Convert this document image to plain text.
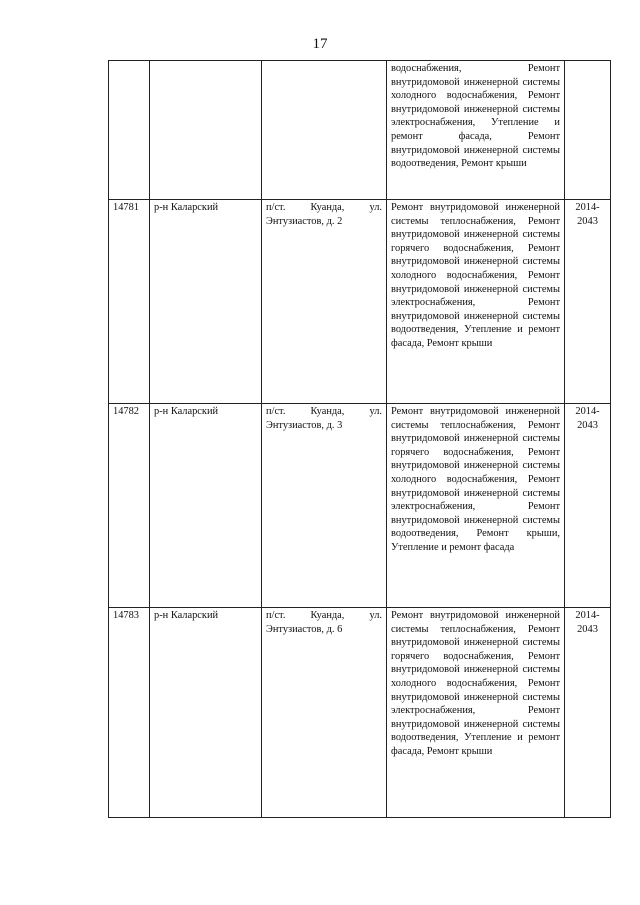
17

			водоснабжения, Ремонт внутридомовой инженерной системы холодного водоснабжения, Ремонт внутридомовой инженерной системы электроснабжения, Утепление и ремонт фасада, Ремонт внутридомовой инженерной системы водоотведения, Ремонт крыши	

14781	р-н Каларский	п/ст. Куанда, ул. Энтузиастов, д. 2	Ремонт внутридомовой инженерной системы теплоснабжения, Ремонт внутридомовой инженерной системы горячего водоснабжения, Ремонт внутридомовой инженерной системы холодного водоснабжения, Ремонт внутридомовой инженерной системы электроснабжения, Ремонт внутридомовой инженерной системы водоотведения, Утепление и ремонт фасада, Ремонт крыши	2014-2043

14782	р-н Каларский	п/ст. Куанда, ул. Энтузиастов, д. 3	Ремонт внутридомовой инженерной системы теплоснабжения, Ремонт внутридомовой инженерной системы горячего водоснабжения, Ремонт внутридомовой инженерной системы холодного водоснабжения, Ремонт внутридомовой инженерной системы электроснабжения, Ремонт внутридомовой инженерной системы водоотведения, Ремонт крыши, Утепление и ремонт фасада	2014-2043

14783	р-н Каларский	п/ст. Куанда, ул. Энтузиастов, д. 6	Ремонт внутридомовой инженерной системы теплоснабжения, Ремонт внутридомовой инженерной системы горячего водоснабжения, Ремонт внутридомовой инженерной системы холодного водоснабжения, Ремонт внутридомовой инженерной системы электроснабжения, Ремонт внутридомовой инженерной системы водоотведения, Утепление и ремонт фасада, Ремонт крыши	2014-2043
